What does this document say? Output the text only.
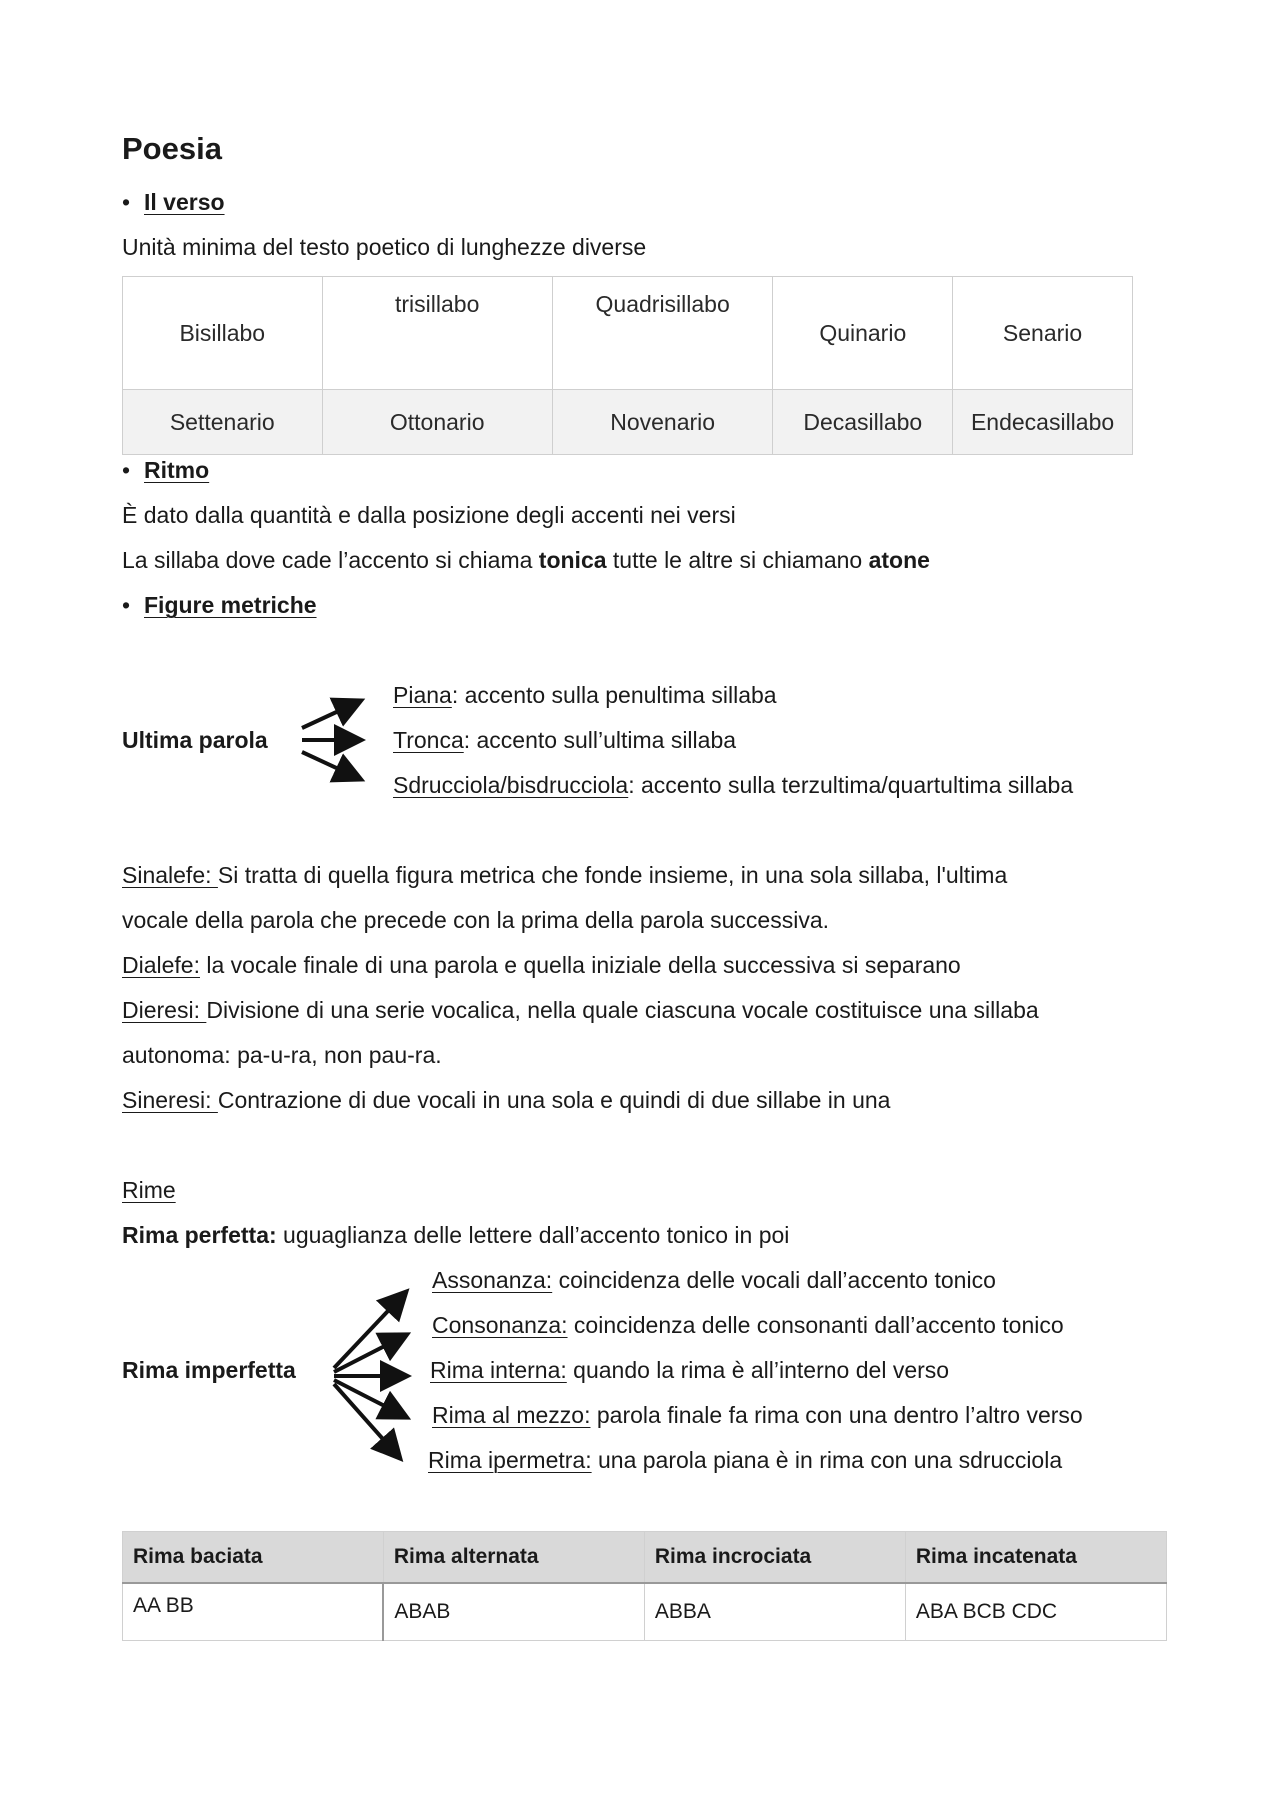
Poesia
• Il verso
Unità minima del testo poetico di lunghezze diverse
Bisillabo	trisillabo	Quadrisillabo	Quinario	Senario
Settenario	Ottonario	Novenario	Decasillabo	Endecasillabo
• Ritmo
È dato dalla quantità e dalla posizione degli accenti nei versi
La sillaba dove cade l’accento si chiama tonica tutte le altre si chiamano atone
• Figure metriche
Ultima parola
Piana: accento sulla penultima sillaba
Tronca: accento sull’ultima sillaba
Sdrucciola/bisdrucciola: accento sulla terzultima/quartultima sillaba
Sinalefe: Si tratta di quella figura metrica che fonde insieme, in una sola sillaba, l'ultima
vocale della parola che precede con la prima della parola successiva.
Dialefe: la vocale finale di una parola e quella iniziale della successiva si separano
Dieresi: Divisione di una serie vocalica, nella quale ciascuna vocale costituisce una sillaba
autonoma: pa-u-ra, non pau-ra.
Sineresi: Contrazione di due vocali in una sola e quindi di due sillabe in una
Rime
Rima perfetta: uguaglianza delle lettere dall’accento tonico in poi
Rima imperfetta
Assonanza: coincidenza delle vocali dall’accento tonico
Consonanza: coincidenza delle consonanti dall’accento tonico
Rima interna: quando la rima è all’interno del verso
Rima al mezzo: parola finale fa rima con una dentro l’altro verso
Rima ipermetra: una parola piana è in rima con una sdrucciola
Rima baciata	Rima alternata	Rima incrociata	Rima incatenata
AA BB	ABAB	ABBA	ABA BCB CDC
